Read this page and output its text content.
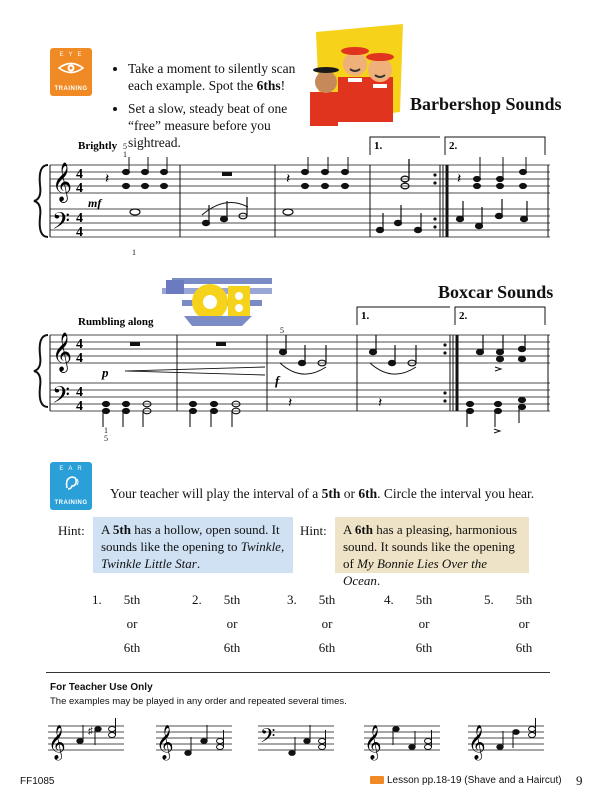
EYE
TRAINING
• Take a moment to silently scan each example. Spot the 6ths!
• Set a slow, steady beat of one “free” measure before you sightread.
Barbershop Sounds
Brightly	1.	2.
𝄞
𝄢
4
4
4
4
5
1
𝄽	𝄽	𝄽
mf
1
Boxcar Sounds
Rumbling along	1.	2.
𝄞
𝄢
4
4
4
4
5
p
f
1
5
𝄽	𝄽
EAR
TRAINING
Your teacher will play the interval of a 5th or 6th. Circle the interval you hear.
Hint:	A 5th has a hollow, open sound. It sounds like the opening to Twinkle, Twinkle Little Star.
Hint:	A 6th has a pleasing, harmonious sound. It sounds like the opening of My Bonnie Lies Over the Ocean.
1.	5th
or
6th
2.	5th
or
6th
3.	5th
or
6th
4.	5th
or
6th
5.	5th
or
6th
For Teacher Use Only
The examples may be played in any order and repeated several times.
𝄞 ♯ 𝄞	𝄢	𝄞	𝄞
FF1085	Lesson pp.18-19 (Shave and a Haircut) 9
